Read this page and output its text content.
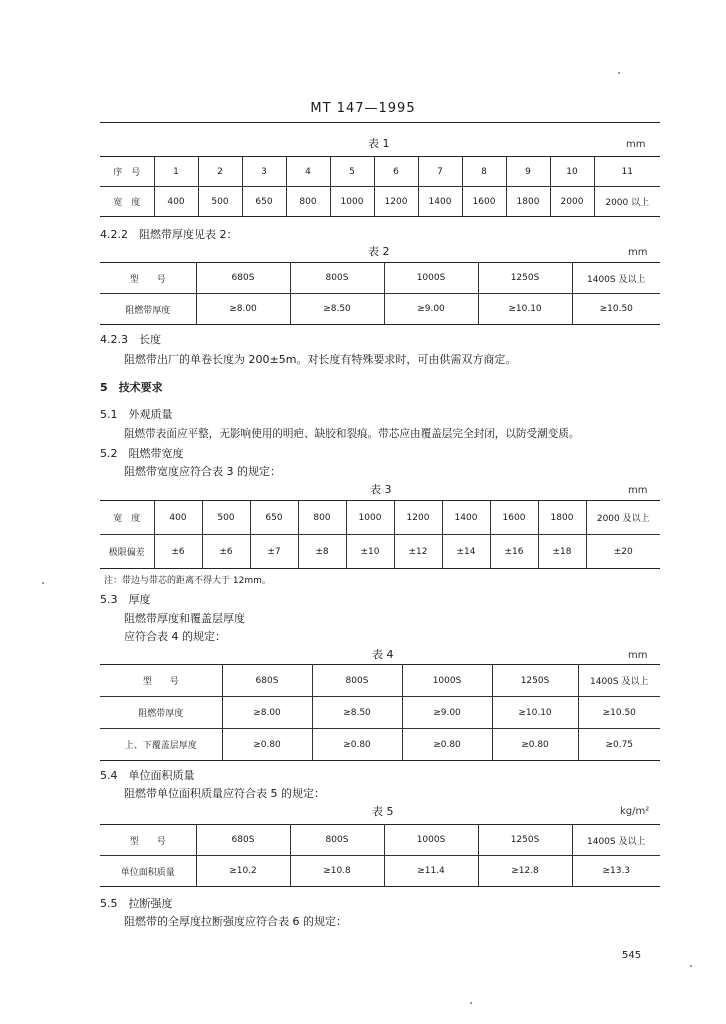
MT 147—1995
表 1	mm
序　号	1	2	3	4	5	6	7	8	9	10	11
宽　度	400	500	650	800	1000	1200	1400	1600	1800	2000	2000 以上
4.2.2　阻燃带厚度见表 2：
表 2	mm
型　　号	680S	800S	1000S	1250S	1400S 及以上
阻燃带厚度	≥8.00	≥8.50	≥9.00	≥10.10	≥10.50
4.2.3　长度
阻燃带出厂的单卷长度为 200±5m。对长度有特殊要求时，可由供需双方商定。
5　技术要求
5.1　外观质量
阻燃带表面应平整，无影响使用的明疤、缺胶和裂痕。带芯应由覆盖层完全封闭，以防受潮变质。
5.2　阻燃带宽度
阻燃带宽度应符合表 3 的规定：
表 3	mm
宽　度	400	500	650	800	1000	1200	1400	1600	1800	2000 及以上
极限偏差	±6	±6	±7	±8	±10	±12	±14	±16	±18	±20
注：带边与带芯的距离不得大于 12mm。
5.3　厚度
阻燃带厚度和覆盖层厚度
应符合表 4 的规定：
表 4	mm
型　　号	680S	800S	1000S	1250S	1400S 及以上
阻燃带厚度	≥8.00	≥8.50	≥9.00	≥10.10	≥10.50
上、下覆盖层厚度	≥0.80	≥0.80	≥0.80	≥0.80	≥0.75
5.4　单位面积质量
阻燃带单位面积质量应符合表 5 的规定：
表 5	kg/m²
型　　号	680S	800S	1000S	1250S	1400S 及以上
单位面积质量	≥10.2	≥10.8	≥11.4	≥12.8	≥13.3
5.5　拉断强度
阻燃带的全厚度拉断强度应符合表 6 的规定：
545
